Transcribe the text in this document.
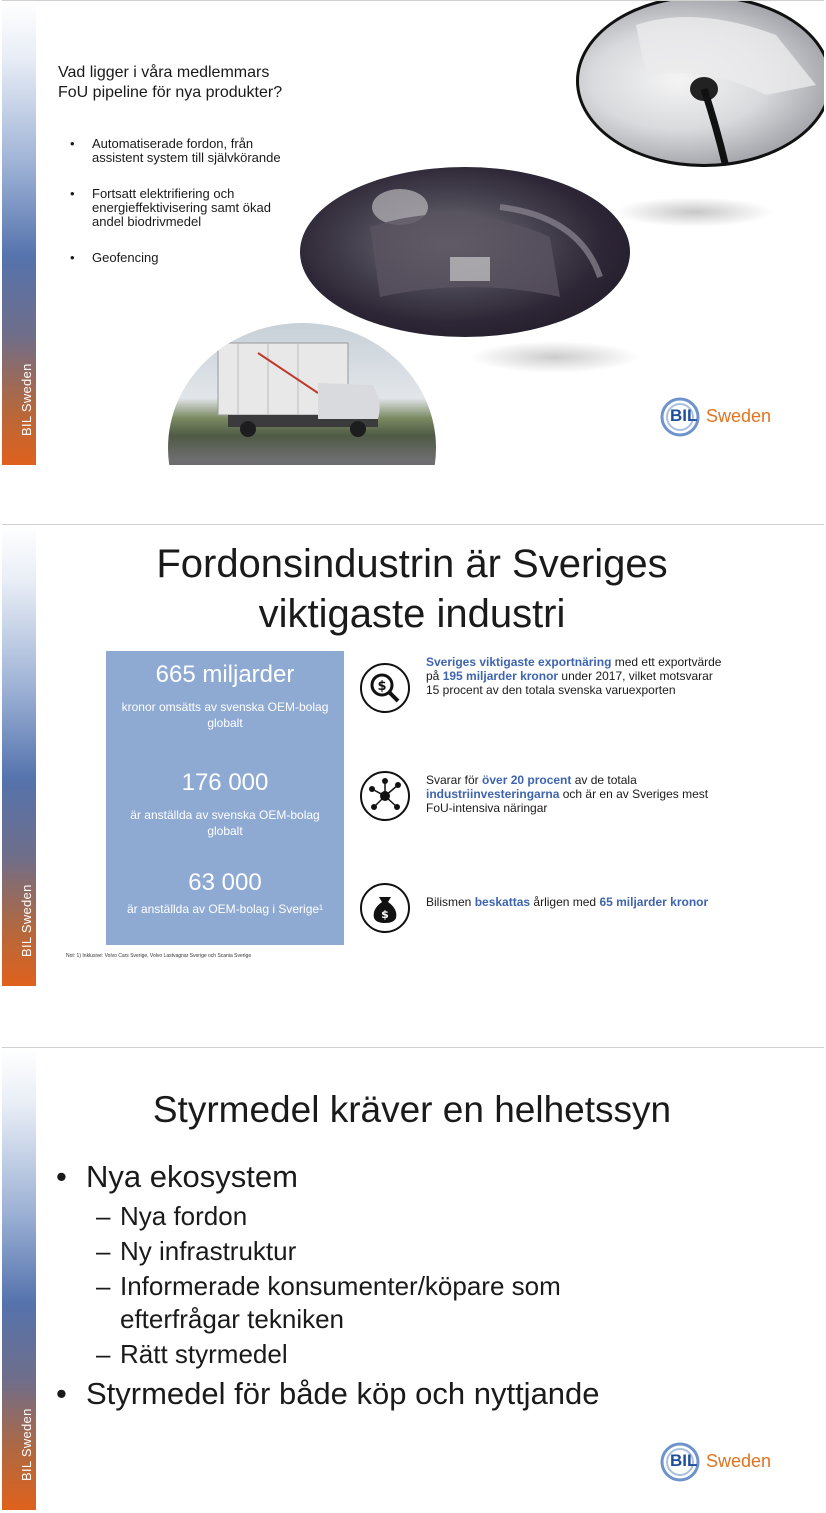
BIL Sweden
Vad ligger i våra medlemmars
FoU pipeline för nya produkter?
• Automatiserade fordon, från assistent system till självkörande
• Fortsatt elektrifiering och energieffektivisering samt ökad andel biodrivmedel
• Geofencing
BIL Sweden
BIL Sweden
Fordonsindustrin är Sveriges
viktigaste industri
665 miljarder
kronor omsätts av svenska OEM-bolag globalt
176 000
är anställda av svenska OEM-bolag globalt
63 000
är anställda av OEM-bolag i Sverige¹
$
Sveriges viktigaste exportnäring med ett exportvärde på 195 miljarder kronor under 2017, vilket motsvarar 15 procent av den totala svenska varuexporten
Svarar för över 20 procent av de totala industriinvesteringarna och är en av Sveriges mest FoU-intensiva näringar
$
Bilismen beskattas årligen med 65 miljarder kronor
Not: 1) Inklusive: Volvo Cars Sverige, Volvo Lastvagnar Sverige och Scania Sverige
BIL Sweden
Styrmedel kräver en helhetssyn
• Nya ekosystem
– Nya fordon
– Ny infrastruktur
– Informerade konsumenter/köpare som efterfrågar tekniken
– Rätt styrmedel
• Styrmedel för både köp och nyttjande
BIL Sweden
